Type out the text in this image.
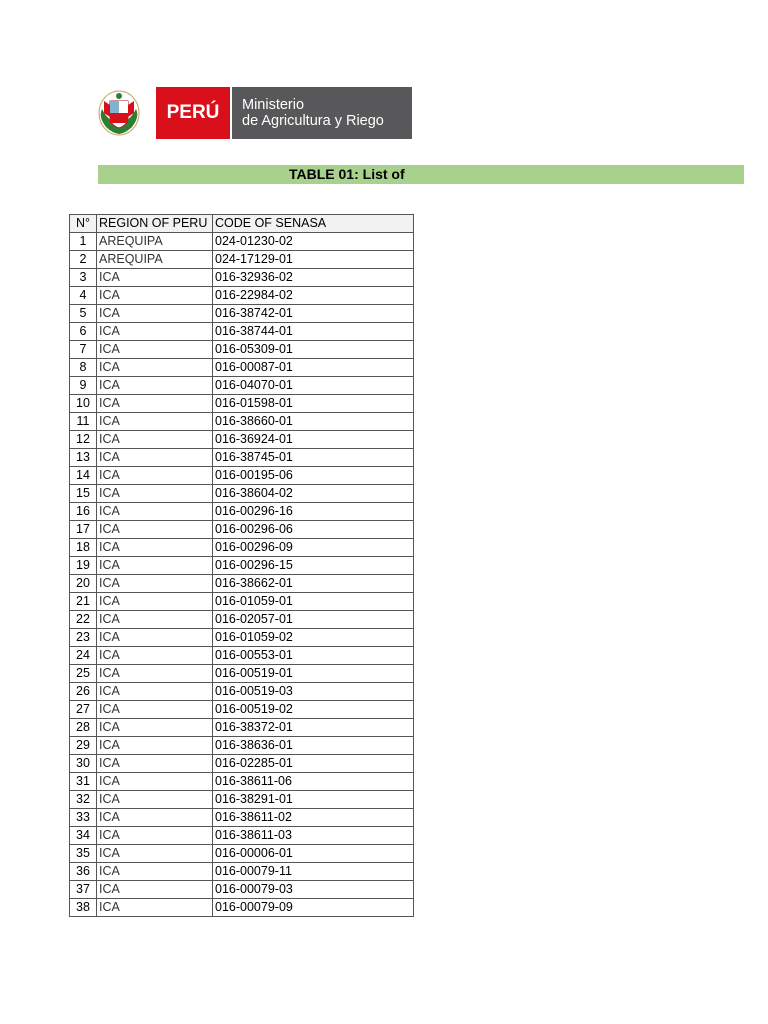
PERÚ Ministerio
de Agricultura y Riego
TABLE 01: List of
N°	REGION OF PERU	CODE OF SENASA
1	AREQUIPA	024-01230-02
2	AREQUIPA	024-17129-01
3	ICA	016-32936-02
4	ICA	016-22984-02
5	ICA	016-38742-01
6	ICA	016-38744-01
7	ICA	016-05309-01
8	ICA	016-00087-01
9	ICA	016-04070-01
10	ICA	016-01598-01
11	ICA	016-38660-01
12	ICA	016-36924-01
13	ICA	016-38745-01
14	ICA	016-00195-06
15	ICA	016-38604-02
16	ICA	016-00296-16
17	ICA	016-00296-06
18	ICA	016-00296-09
19	ICA	016-00296-15
20	ICA	016-38662-01
21	ICA	016-01059-01
22	ICA	016-02057-01
23	ICA	016-01059-02
24	ICA	016-00553-01
25	ICA	016-00519-01
26	ICA	016-00519-03
27	ICA	016-00519-02
28	ICA	016-38372-01
29	ICA	016-38636-01
30	ICA	016-02285-01
31	ICA	016-38611-06
32	ICA	016-38291-01
33	ICA	016-38611-02
34	ICA	016-38611-03
35	ICA	016-00006-01
36	ICA	016-00079-11
37	ICA	016-00079-03
38	ICA	016-00079-09
